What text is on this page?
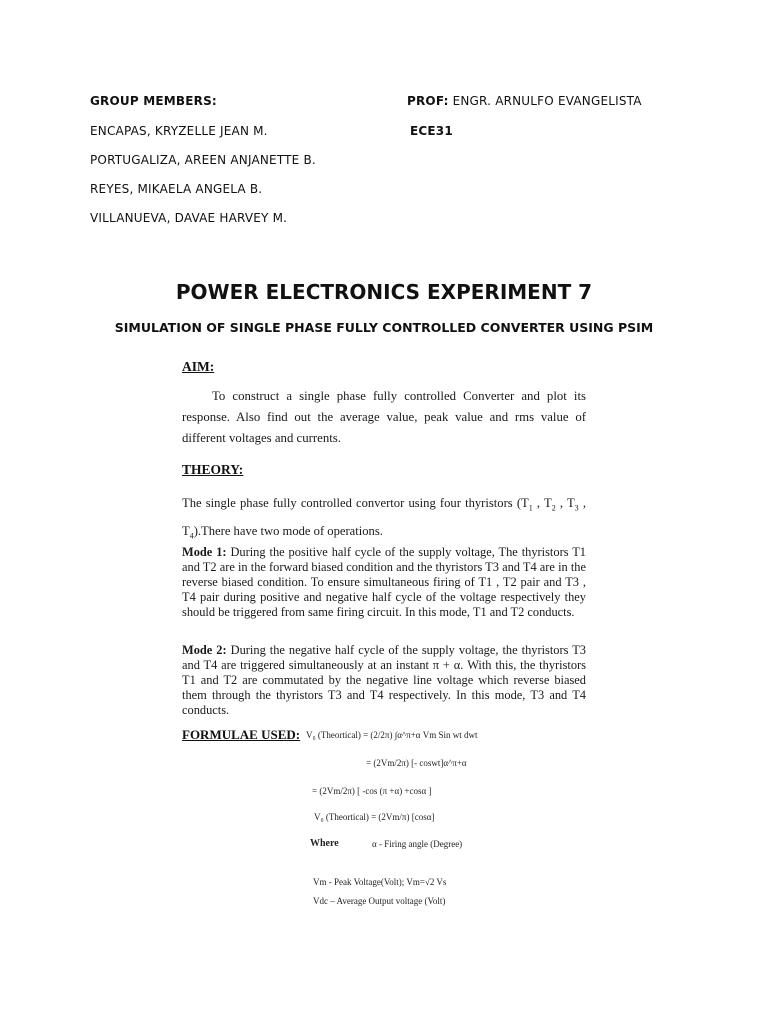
GROUP MEMBERS:	PROF: ENGR. ARNULFO EVANGELISTA
ENCAPAS, KRYZELLE JEAN M.	ECE31
PORTUGALIZA, AREEN ANJANETTE B.
REYES, MIKAELA ANGELA B.
VILLANUEVA, DAVAE HARVEY M.
POWER ELECTRONICS EXPERIMENT 7
SIMULATION OF SINGLE PHASE FULLY CONTROLLED CONVERTER USING PSIM
AIM:
To construct a single phase fully controlled Converter and plot its response. Also find out the average value, peak value and rms value of different voltages and currents.
THEORY:
The single phase fully controlled convertor using four thyristors ($T_1$ , $T_2$ , $T_3$ , $T_4).There$ have two mode of operations.
Mode 1: During the positive half cycle of the supply voltage, The thyristors T1 and T2 are in the forward biased condition and the thyristors T3 and T4 are in the reverse biased condition. To ensure simultaneous firing of T1 , T2 pair and T3 , T4 pair during positive and negative half cycle of the voltage respectively they should be triggered from same firing circuit. In this mode, T1 and T2 conducts.
Mode 2: During the negative half cycle of the supply voltage, the thyristors T3 and T4 are triggered simultaneously at an instant π + α. With this, the thyristors T1 and T2 are commutated by the negative line voltage which reverse biased them through the thyristors T3 and T4 respectively. In this mode, T3 and T4 conducts.
FORMULAE USED: V₀ (Theortical) = (2/2π) ∫α^π+α Vm Sin wt dwt
= (2Vm/2π) [- coswt]α^π+α
= (2Vm/2π) [ -cos (π +α) +cosα ]
V₀ (Theortical) = (2Vm/π) [cosα]
Where	α - Firing angle (Degree)
Vm - Peak Voltage(Volt); Vm=√2 Vs
Vdc – Average Output voltage (Volt)
